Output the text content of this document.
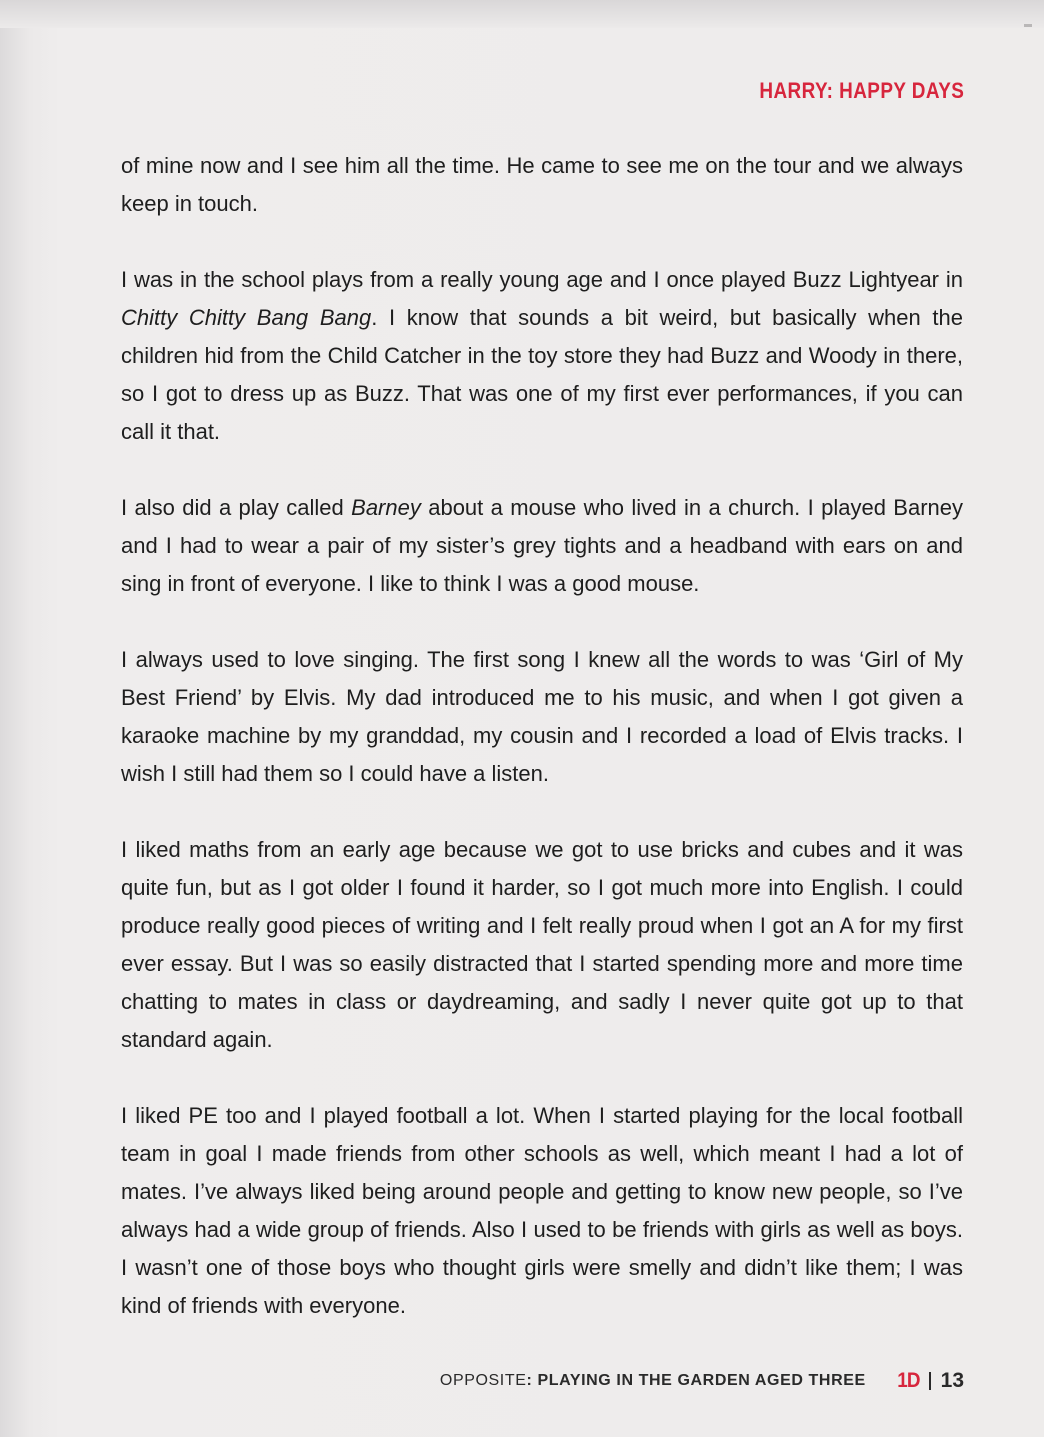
HARRY: HAPPY DAYS

of mine now and I see him all the time. He came to see me on the tour and we always keep in touch.

I was in the school plays from a really young age and I once played Buzz Lightyear in Chitty Chitty Bang Bang. I know that sounds a bit weird, but basically when the children hid from the Child Catcher in the toy store they had Buzz and Woody in there, so I got to dress up as Buzz. That was one of my first ever performances, if you can call it that.

I also did a play called Barney about a mouse who lived in a church. I played Barney and I had to wear a pair of my sister’s grey tights and a headband with ears on and sing in front of everyone. I like to think I was a good mouse.

I always used to love singing. The first song I knew all the words to was ‘Girl of My Best Friend’ by Elvis. My dad introduced me to his music, and when I got given a karaoke machine by my granddad, my cousin and I recorded a load of Elvis tracks. I wish I still had them so I could have a listen.

I liked maths from an early age because we got to use bricks and cubes and it was quite fun, but as I got older I found it harder, so I got much more into English. I could produce really good pieces of writing and I felt really proud when I got an A for my first ever essay. But I was so easily distracted that I started spending more and more time chatting to mates in class or daydreaming, and sadly I never quite got up to that standard again.

I liked PE too and I played football a lot. When I started playing for the local football team in goal I made friends from other schools as well, which meant I had a lot of mates. I’ve always liked being around people and getting to know new people, so I’ve always had a wide group of friends. Also I used to be friends with girls as well as boys. I wasn’t one of those boys who thought girls were smelly and didn’t like them; I was kind of friends with everyone.

OPPOSITE: PLAYING IN THE GARDEN AGED THREE 1D 13
